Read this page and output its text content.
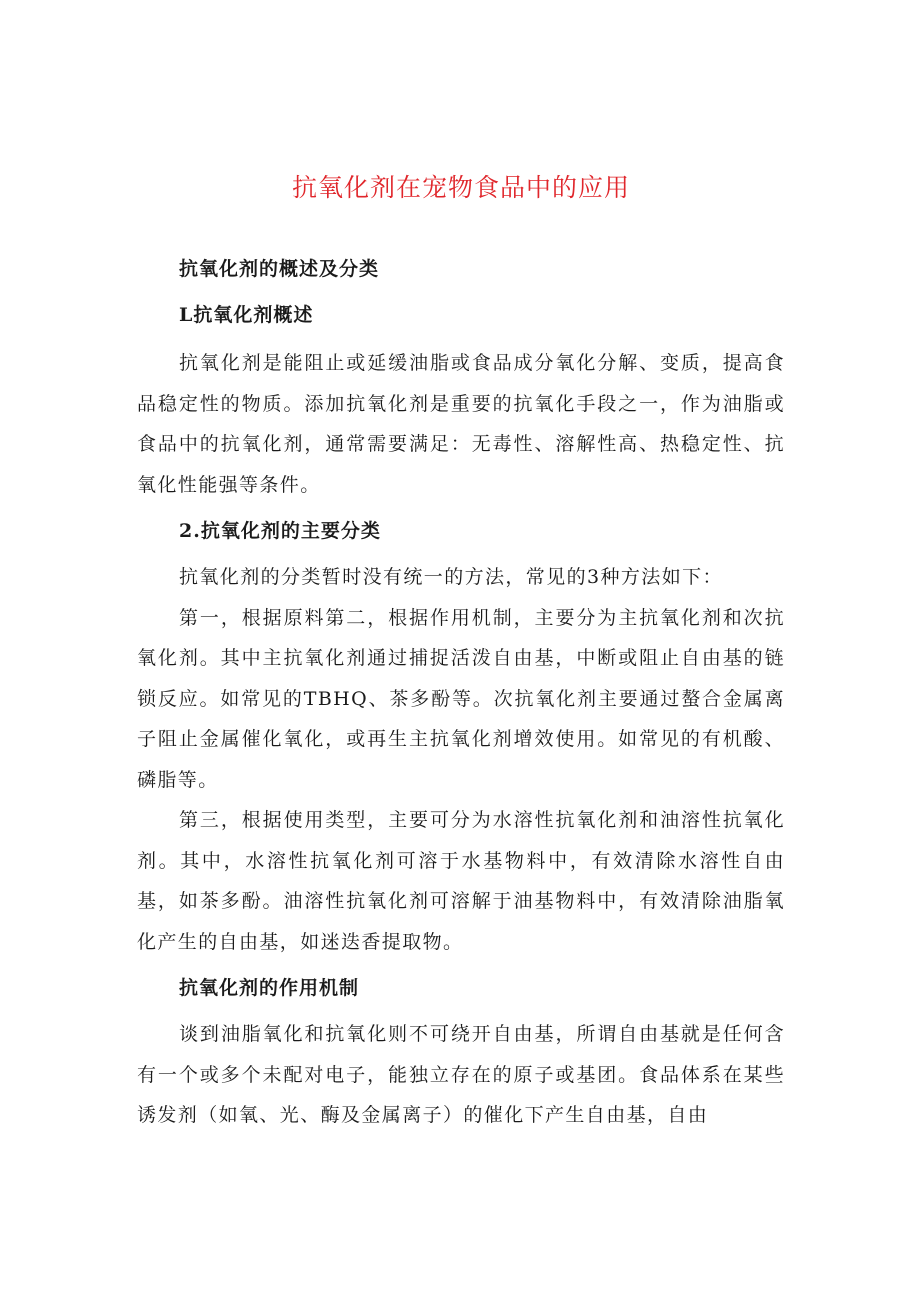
抗氧化剂在宠物食品中的应用

抗氧化剂的概述及分类

L抗氧化剂概述

抗氧化剂是能阻止或延缓油脂或食品成分氧化分解、变质，提高食品稳定性的物质。添加抗氧化剂是重要的抗氧化手段之一，作为油脂或食品中的抗氧化剂，通常需要满足：无毒性、溶解性高、热稳定性、抗氧化性能强等条件。

2.抗氧化剂的主要分类

抗氧化剂的分类暂时没有统一的方法，常见的3种方法如下：

第一，根据原料第二，根据作用机制，主要分为主抗氧化剂和次抗氧化剂。其中主抗氧化剂通过捕捉活泼自由基，中断或阻止自由基的链锁反应。如常见的TBHQ、茶多酚等。次抗氧化剂主要通过螯合金属离子阻止金属催化氧化，或再生主抗氧化剂增效使用。如常见的有机酸、磷脂等。

第三，根据使用类型，主要可分为水溶性抗氧化剂和油溶性抗氧化剂。其中，水溶性抗氧化剂可溶于水基物料中，有效清除水溶性自由基，如茶多酚。油溶性抗氧化剂可溶解于油基物料中，有效清除油脂氧化产生的自由基，如迷迭香提取物。

抗氧化剂的作用机制

谈到油脂氧化和抗氧化则不可绕开自由基，所谓自由基就是任何含有一个或多个未配对电子，能独立存在的原子或基团。食品体系在某些诱发剂（如氧、光、酶及金属离子）的催化下产生自由基，自由
